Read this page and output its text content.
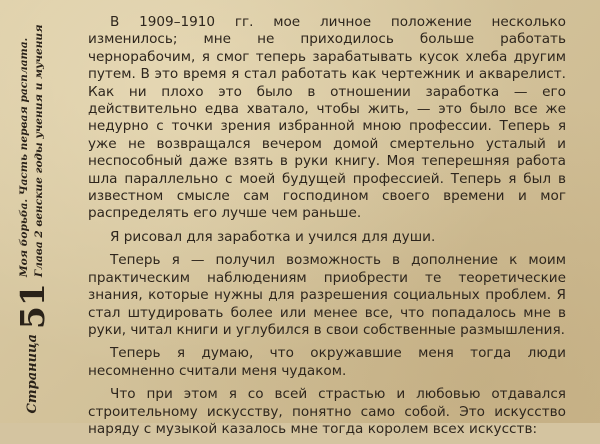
Страница
51
Моя борьба. Часть первая расплата. Глава 2 венские годы учения и мучения

В 1909–1910 гг. мое личное положение несколько изменилось; мне не приходилось больше работать чернорабочим, я смог теперь зарабатывать кусок хлеба другим путем. В это время я стал работать как чертежник и акварелист. Как ни плохо это было в отношении заработка — его действительно едва хватало, чтобы жить, — это было все же недурно с точки зрения избранной мною профессии. Теперь я уже не возвращался вечером домой смертельно усталый и неспособный даже взять в руки книгу. Моя теперешняя работа шла параллельно с моей будущей профессией. Теперь я был в известном смысле сам господином своего времени и мог распределять его лучше чем раньше.

Я рисовал для заработка и учился для души.

Теперь я — получил возможность в дополнение к моим практическим наблюдениям приобрести те теоретические знания, которые нужны для разрешения социальных проблем. Я стал штудировать более или менее все, что попадалось мне в руки, читал книги и углубился в свои собственные размышления.

Теперь я думаю, что окружавшие меня тогда люди несомненно считали меня чудаком.

Что при этом я со всей страстью и любовью отдавался строительному искусству, понятно само собой. Это искусство наряду с музыкой казалось мне тогда королем всех искусств:
